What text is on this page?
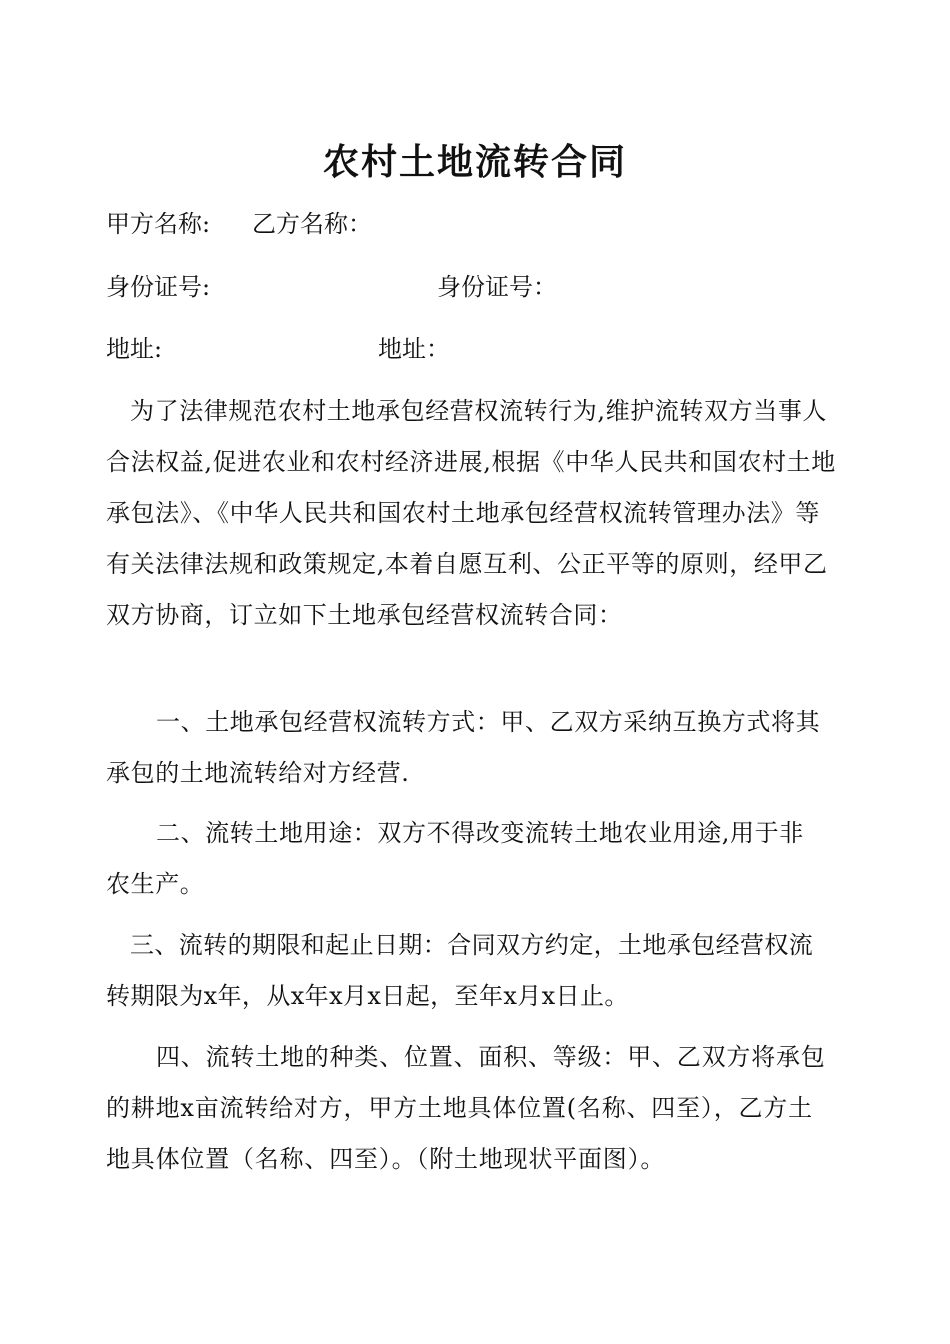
农村土地流转合同
甲方名称: 乙方名称：
身份证号:	身份证号：
地址:	地址：

为了法律规范农村土地承包经营权流转行为,维护流转双方当事人合法权益,促进农业和农村经济进展,根据《中华人民共和国农村土地承包法》、《中华人民共和国农村土地承包经营权流转管理办法》等有关法律法规和政策规定,本着自愿互利、公正平等的原则，经甲乙双方协商，订立如下土地承包经营权流转合同：

一、土地承包经营权流转方式：甲、乙双方采纳互换方式将其承包的土地流转给对方经营.

二、流转土地用途：双方不得改变流转土地农业用途,用于非农生产。

三、流转的期限和起止日期：合同双方约定，土地承包经营权流转期限为x年，从x年x月x日起，至年x月x日止。

四、流转土地的种类、位置、面积、等级：甲、乙双方将承包的耕地x亩流转给对方，甲方土地具体位置(名称、四至），乙方土地具体位置（名称、四至）。（附土地现状平面图）。
